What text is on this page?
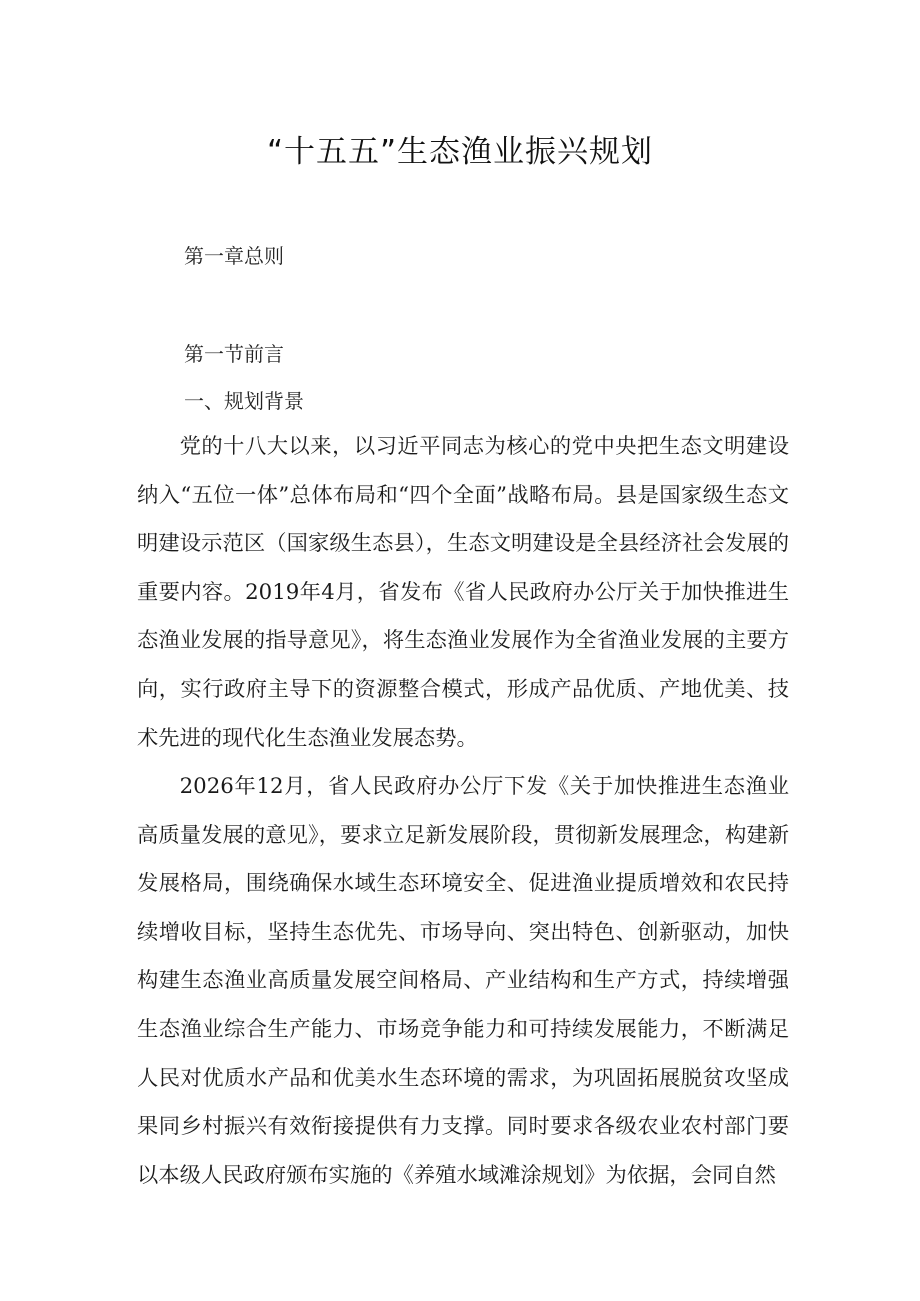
“十五五”生态渔业振兴规划
第一章总则
第一节前言
一、规划背景

党的十八大以来，以习近平同志为核心的党中央把生态文明建设纳入“五位一体”总体布局和“四个全面”战略布局。县是国家级生态文明建设示范区（国家级生态县），生态文明建设是全县经济社会发展的重要内容。2019年4月，省发布《省人民政府办公厅关于加快推进生态渔业发展的指导意见》，将生态渔业发展作为全省渔业发展的主要方向，实行政府主导下的资源整合模式，形成产品优质、产地优美、技术先进的现代化生态渔业发展态势。

2026年12月，省人民政府办公厅下发《关于加快推进生态渔业高质量发展的意见》，要求立足新发展阶段，贯彻新发展理念，构建新发展格局，围绕确保水域生态环境安全、促进渔业提质增效和农民持续增收目标，坚持生态优先、市场导向、突出特色、创新驱动，加快构建生态渔业高质量发展空间格局、产业结构和生产方式，持续增强生态渔业综合生产能力、市场竞争能力和可持续发展能力，不断满足人民对优质水产品和优美水生态环境的需求，为巩固拓展脱贫攻坚成果同乡村振兴有效衔接提供有力支撑。同时要求各级农业农村部门要以本级人民政府颁布实施的《养殖水域滩涂规划》为依据，会同自然
